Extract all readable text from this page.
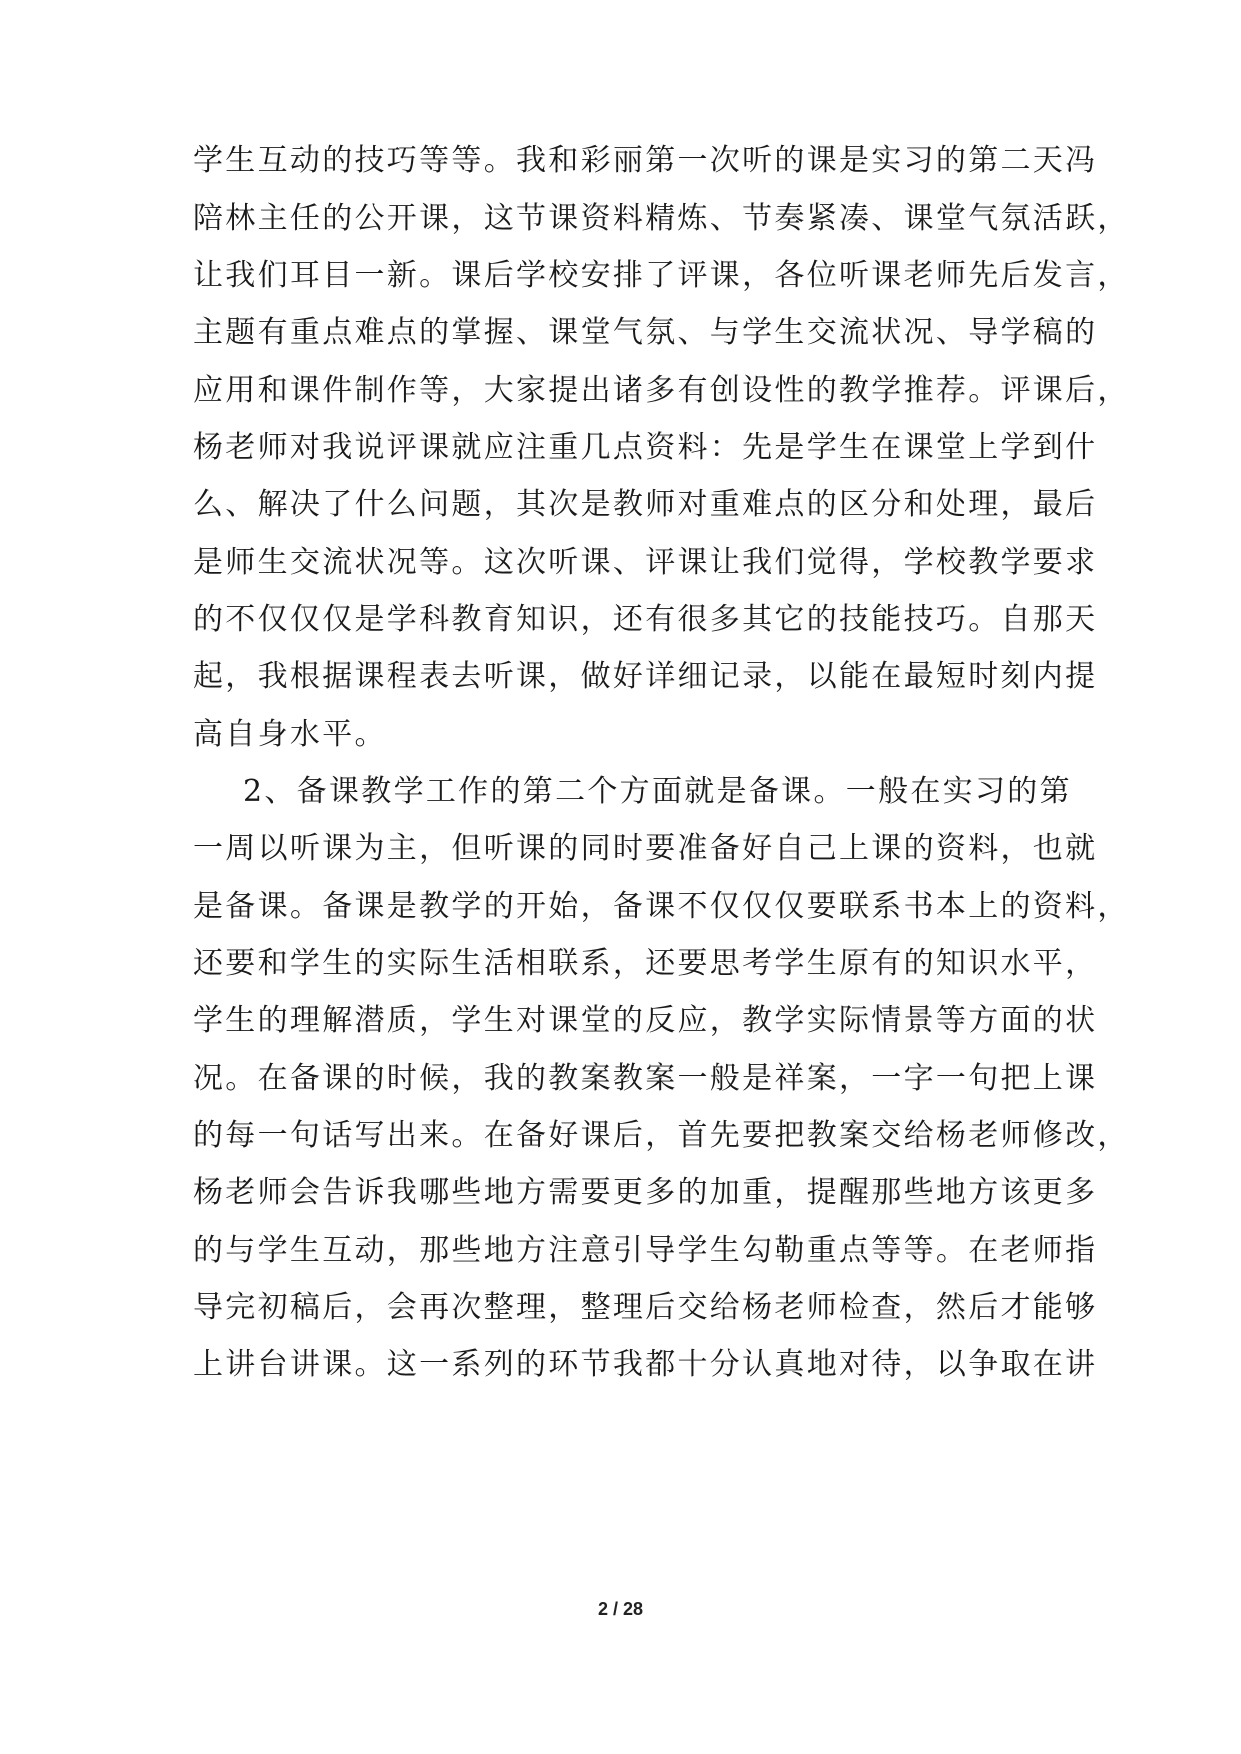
学生互动的技巧等等。我和彩丽第一次听的课是实习的第二天冯
陪林主任的公开课，这节课资料精炼、节奏紧凑、课堂气氛活跃，
让我们耳目一新。课后学校安排了评课，各位听课老师先后发言，
主题有重点难点的掌握、课堂气氛、与学生交流状况、导学稿的
应用和课件制作等，大家提出诸多有创设性的教学推荐。评课后，
杨老师对我说评课就应注重几点资料：先是学生在课堂上学到什
么、解决了什么问题，其次是教师对重难点的区分和处理，最后
是师生交流状况等。这次听课、评课让我们觉得，学校教学要求
的不仅仅仅是学科教育知识，还有很多其它的技能技巧。自那天
起，我根据课程表去听课，做好详细记录，以能在最短时刻内提
高自身水平。
2、备课教学工作的第二个方面就是备课。一般在实习的第
一周以听课为主，但听课的同时要准备好自己上课的资料，也就
是备课。备课是教学的开始，备课不仅仅仅要联系书本上的资料，
还要和学生的实际生活相联系，还要思考学生原有的知识水平，
学生的理解潜质，学生对课堂的反应，教学实际情景等方面的状
况。在备课的时候，我的教案教案一般是祥案，一字一句把上课
的每一句话写出来。在备好课后，首先要把教案交给杨老师修改，
杨老师会告诉我哪些地方需要更多的加重，提醒那些地方该更多
的与学生互动，那些地方注意引导学生勾勒重点等等。在老师指
导完初稿后，会再次整理，整理后交给杨老师检查，然后才能够
上讲台讲课。这一系列的环节我都十分认真地对待，以争取在讲
2 / 28
